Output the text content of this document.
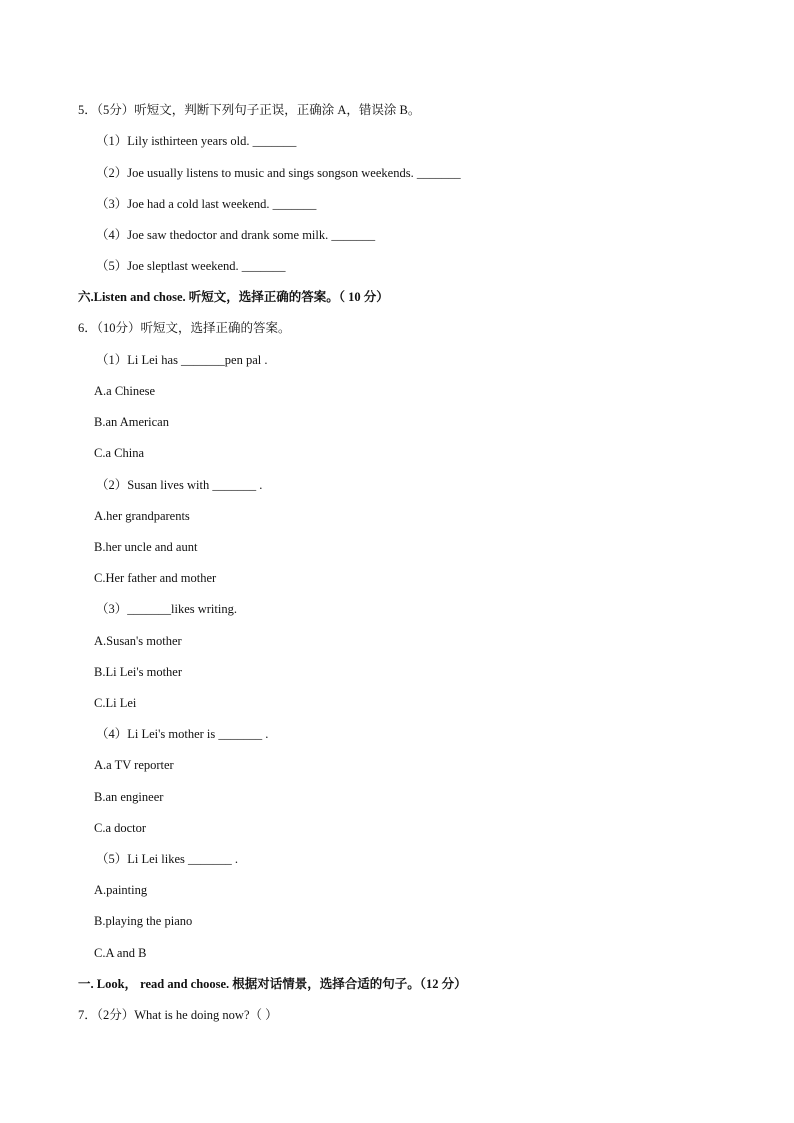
5．（5分）听短文，判断下列句子正误，正确涂 A，错误涂 B。
（1）Lily isthirteen years old. _______
（2）Joe usually listens to music and sings songson weekends. _______
（3）Joe had a cold last weekend. _______
（4）Joe saw thedoctor and drank some milk. _______
（5）Joe sleptlast weekend. _______
六.Listen and chose. 听短文，选择正确的答案。（ 10 分）
6．（10分）听短文，选择正确的答案。
（1）Li Lei has _______pen pal .
A.a Chinese
B.an American
C.a China
（2）Susan lives with _______ .
A.her grandparents
B.her uncle and aunt
C.Her father and mother
（3）_______likes writing.
A.Susan's mother
B.Li Lei's mother
C.Li Lei
（4）Li Lei's mother is _______ .
A.a TV reporter
B.an engineer
C.a doctor
（5）Li Lei likes _______ .
A.painting
B.playing the piano
C.A and B
一. Look， read and choose. 根据对话情景，选择合适的句子。（12 分）
7．（2分）What is he doing now?（ ）
